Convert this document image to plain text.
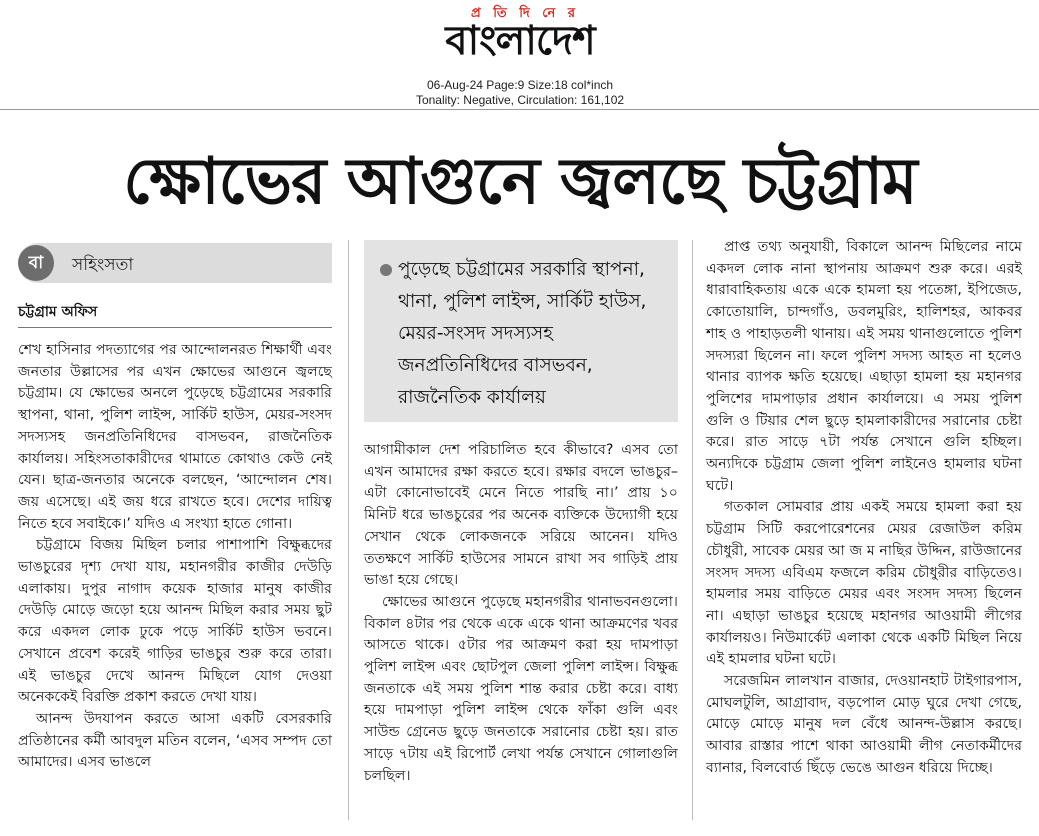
প্র তি দি নে র
বাংলাদেশ
06-Aug-24 Page:9 Size:18 col*inch
Tonality: Negative, Circulation: 161,102
ক্ষোভের আগুনে জ্বলছে চট্টগ্রাম
বা	সহিংসতা
চট্টগ্রাম অফিস

শেখ হাসিনার পদত্যাগের পর আন্দোলনরত শিক্ষার্থী এবং জনতার উল্লাসের পর এখন ক্ষোভের আগুনে জ্বলছে চট্টগ্রাম। যে ক্ষোভের অনলে পুড়েছে চট্টগ্রামের সরকারি স্থাপনা, থানা, পুলিশ লাইন্স, সার্কিট হাউস, মেয়র-সংসদ সদস্যসহ জনপ্রতিনিধিদের বাসভবন, রাজনৈতিক কার্যালয়। সহিংসতাকারীদের থামাতে কোথাও কেউ নেই যেন। ছাত্র-জনতার অনেকে বলছেন, ‘আন্দোলন শেষ। জয় এসেছে। এই জয় ধরে রাখতে হবে। দেশের দায়িত্ব নিতে হবে সবাইকে।’ যদিও এ সংখ্যা হাতে গোনা।

চট্টগ্রামে বিজয় মিছিল চলার পাশাপাশি বিক্ষুব্ধদের ভাঙচুরের দৃশ্য দেখা যায়, মহানগরীর কাজীর দেউড়ি এলাকায়। দুপুর নাগাদ কয়েক হাজার মানুষ কাজীর দেউড়ি মোড়ে জড়ো হয়ে আনন্দ মিছিল করার সময় ছুট করে একদল লোক ঢুকে পড়ে সার্কিট হাউস ভবনে। সেখানে প্রবেশ করেই গাড়ির ভাঙচুর শুরু করে তারা। এই ভাঙচুর দেখে আনন্দ মিছিলে যোগ দেওয়া অনেককেই বিরক্তি প্রকাশ করতে দেখা যায়।

আনন্দ উদযাপন করতে আসা একটি বেসরকারি প্রতিষ্ঠানের কর্মী আবদুল মতিন বলেন, ‘এসব সম্পদ তো আমাদের। এসব ভাঙলে

পুড়েছে চট্টগ্রামের সরকারি স্থাপনা, থানা, পুলিশ লাইন্স, সার্কিট হাউস, মেয়র-সংসদ সদস্যসহ জনপ্রতিনিধিদের বাসভবন, রাজনৈতিক কার্যালয়

আগামীকাল দেশ পরিচালিত হবে কীভাবে? এসব তো এখন আমাদের রক্ষা করতে হবে। রক্ষার বদলে ভাঙচুর– এটা কোনোভাবেই মেনে নিতে পারছি না।’ প্রায় ১০ মিনিট ধরে ভাঙচুরের পর অনেক ব্যক্তিকে উদ্যোগী হয়ে সেখান থেকে লোকজনকে সরিয়ে আনেন। যদিও ততক্ষণে সার্কিট হাউসের সামনে রাখা সব গাড়িই প্রায় ভাঙা হয়ে গেছে।

ক্ষোভের আগুনে পুড়েছে মহানগরীর থানাভবনগুলো। বিকাল ৪টার পর থেকে একে একে থানা আক্রমণের খবর আসতে থাকে। ৫টার পর আক্রমণ করা হয় দামপাড়া পুলিশ লাইন্স এবং ছোটপুল জেলা পুলিশ লাইন্স। বিক্ষুব্ধ জনতাকে এই সময় পুলিশ শান্ত করার চেষ্টা করে। বাধ্য হয়ে দামপাড়া পুলিশ লাইন্স থেকে ফাঁকা গুলি এবং সাউন্ড গ্রেনেড ছুড়ে জনতাকে সরানোর চেষ্টা হয়। রাত সাড়ে ৭টায় এই রিপোর্ট লেখা পর্যন্ত সেখানে গোলাগুলি চলছিল।

প্রাপ্ত তথ্য অনুযায়ী, বিকালে আনন্দ মিছিলের নামে একদল লোক নানা স্থাপনায় আক্রমণ শুরু করে। এরই ধারাবাহিকতায় একে একে হামলা হয় পতেঙ্গা, ইপিজেড, কোতোয়ালি, চান্দগাঁও, ডবলমুরিং, হালিশহর, আকবর শাহ ও পাহাড়তলী থানায়। এই সময় থানাগুলোতে পুলিশ সদস্যরা ছিলেন না। ফলে পুলিশ সদস্য আহত না হলেও থানার ব্যাপক ক্ষতি হয়েছে। এছাড়া হামলা হয় মহানগর পুলিশের দামপাড়ার প্রধান কার্যালয়ে। এ সময় পুলিশ গুলি ও টিয়ার শেল ছুড়ে হামলাকারীদের সরানোর চেষ্টা করে। রাত সাড়ে ৭টা পর্যন্ত সেখানে গুলি হচ্ছিল। অন্যদিকে চট্টগ্রাম জেলা পুলিশ লাইনেও হামলার ঘটনা ঘটে।

গতকাল সোমবার প্রায় একই সময়ে হামলা করা হয় চট্টগ্রাম সিটি করপোরেশনের মেয়র রেজাউল করিম চৌধুরী, সাবেক মেয়র আ জ ম নাছির উদ্দিন, রাউজানের সংসদ সদস্য এবিএম ফজলে করিম চৌধুরীর বাড়িতেও। হামলার সময় বাড়িতে মেয়র এবং সংসদ সদস্য ছিলেন না। এছাড়া ভাঙচুর হয়েছে মহানগর আওয়ামী লীগের কার্যালয়ও। নিউমার্কেট এলাকা থেকে একটি মিছিল নিয়ে এই হামলার ঘটনা ঘটে।

সরেজমিন লালখান বাজার, দেওয়ানহাট টাইগারপাস, মোঘলটুলি, আগ্রাবাদ, বড়পোল মোড় ঘুরে দেখা গেছে, মোড়ে মোড়ে মানুষ দল বেঁধে আনন্দ-উল্লাস করছে। আবার রাস্তার পাশে থাকা আওয়ামী লীগ নেতাকর্মীদের ব্যানার, বিলবোর্ড ছিঁড়ে ভেঙে আগুন ধরিয়ে দিচ্ছে।
